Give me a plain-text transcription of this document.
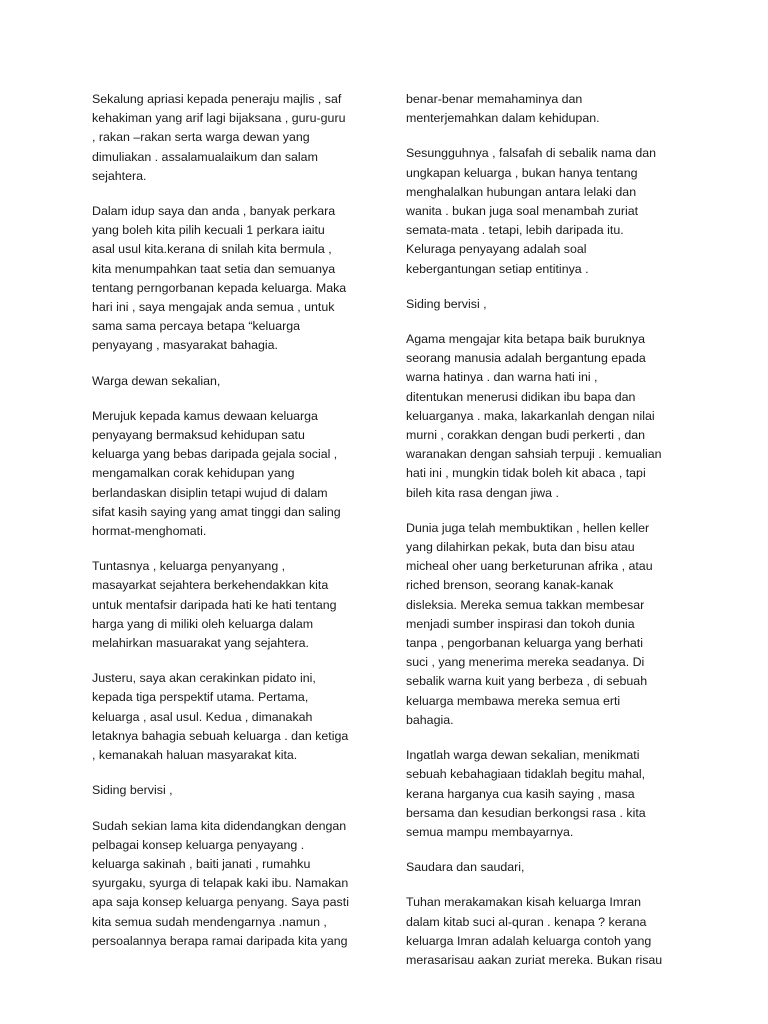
Sekalung apriasi kepada peneraju majlis , saf
kehakiman yang arif lagi bijaksana , guru-guru
, rakan –rakan serta warga dewan yang
dimuliakan . assalamualaikum dan salam
sejahtera.

Dalam idup saya dan anda , banyak perkara
yang boleh kita pilih kecuali 1 perkara iaitu
asal usul kita.kerana di snilah kita bermula ,
kita menumpahkan taat setia dan semuanya
tentang perngorbanan kepada keluarga. Maka
hari ini , saya mengajak anda semua , untuk
sama sama percaya betapa “keluarga
penyayang , masyarakat bahagia.

Warga dewan sekalian,

Merujuk kepada kamus dewaan keluarga
penyayang bermaksud kehidupan satu
keluarga yang bebas daripada gejala social ,
mengamalkan corak kehidupan yang
berlandaskan disiplin tetapi wujud di dalam
sifat kasih saying yang amat tinggi dan saling
hormat-menghomati.

Tuntasnya , keluarga penyanyang ,
masayarkat sejahtera berkehendakkan kita
untuk mentafsir daripada hati ke hati tentang
harga yang di miliki oleh keluarga dalam
melahirkan masuarakat yang sejahtera.

Justeru, saya akan cerakinkan pidato ini,
kepada tiga perspektif utama. Pertama,
keluarga , asal usul. Kedua , dimanakah
letaknya bahagia sebuah keluarga . dan ketiga
, kemanakah haluan masyarakat kita.

Siding bervisi ,

Sudah sekian lama kita didendangkan dengan
pelbagai konsep keluarga penyayang .
keluarga sakinah , baiti janati , rumahku
syurgaku, syurga di telapak kaki ibu. Namakan
apa saja konsep keluarga penyang. Saya pasti
kita semua sudah mendengarnya .namun ,
persoalannya berapa ramai daripada kita yang

benar-benar memahaminya dan
menterjemahkan dalam kehidupan.

Sesungguhnya , falsafah di sebalik nama dan
ungkapan keluarga , bukan hanya tentang
menghalalkan hubungan antara lelaki dan
wanita . bukan juga soal menambah zuriat
semata-mata . tetapi, lebih daripada itu.
Keluraga penyayang adalah soal
kebergantungan setiap entitinya .

Siding bervisi ,

Agama mengajar kita betapa baik buruknya
seorang manusia adalah bergantung epada
warna hatinya . dan warna hati ini ,
ditentukan menerusi didikan ibu bapa dan
keluarganya . maka, lakarkanlah dengan nilai
murni , corakkan dengan budi perkerti , dan
waranakan dengan sahsiah terpuji . kemualian
hati ini , mungkin tidak boleh kit abaca , tapi
bileh kita rasa dengan jiwa .

Dunia juga telah membuktikan , hellen keller
yang dilahirkan pekak, buta dan bisu atau
micheal oher uang berketurunan afrika , atau
riched brenson, seorang kanak-kanak
disleksia. Mereka semua takkan membesar
menjadi sumber inspirasi dan tokoh dunia
tanpa , pengorbanan keluarga yang berhati
suci , yang menerima mereka seadanya. Di
sebalik warna kuit yang berbeza , di sebuah
keluarga membawa mereka semua erti
bahagia.

Ingatlah warga dewan sekalian, menikmati
sebuah kebahagiaan tidaklah begitu mahal,
kerana harganya cua kasih saying , masa
bersama dan kesudian berkongsi rasa . kita
semua mampu membayarnya.

Saudara dan saudari,

Tuhan merakamakan kisah keluarga Imran
dalam kitab suci al-quran . kenapa ? kerana
keluarga Imran adalah keluarga contoh yang
merasarisau aakan zuriat mereka. Bukan risau
